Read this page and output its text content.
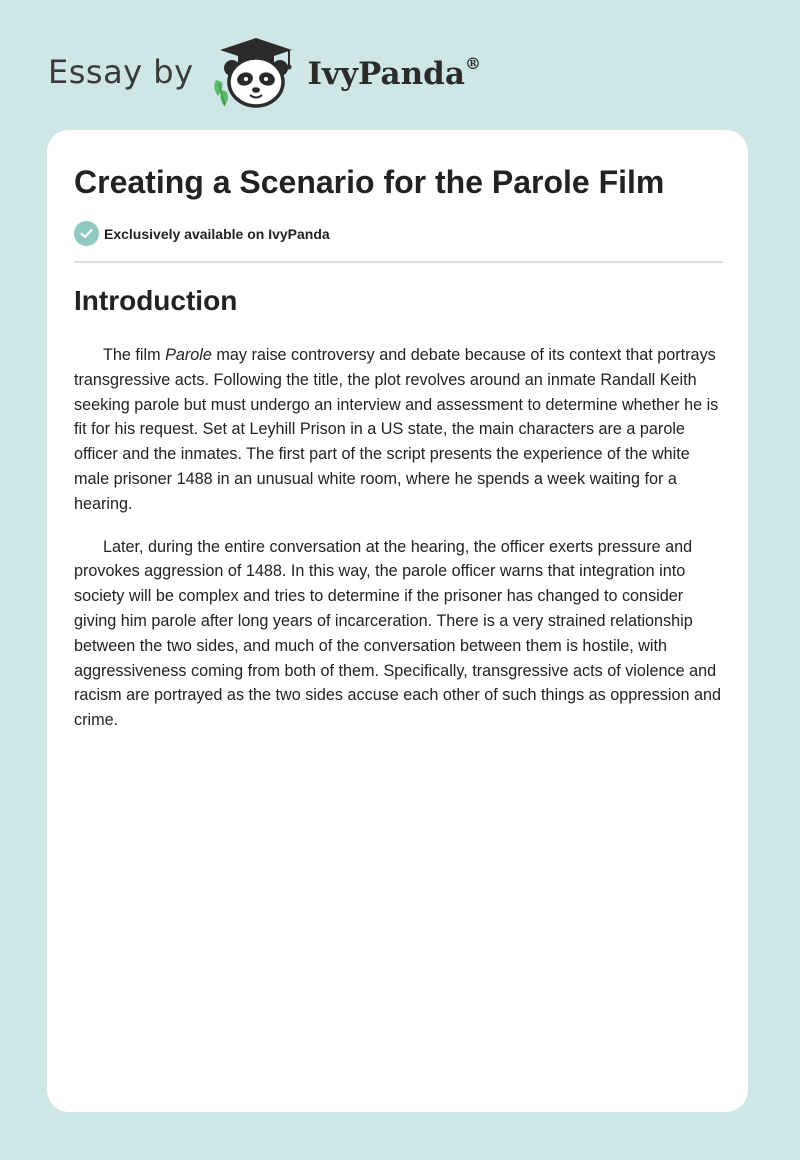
Essay by	IvyPanda®
Creating a Scenario for the Parole Film
Exclusively available on IvyPanda
Introduction

The film Parole may raise controversy and debate because of its context that portrays transgressive acts. Following the title, the plot revolves around an inmate Randall Keith seeking parole but must undergo an interview and assessment to determine whether he is fit for his request. Set at Leyhill Prison in a US state, the main characters are a parole officer and the inmates. The first part of the script presents the experience of the white male prisoner 1488 in an unusual white room, where he spends a week waiting for a hearing.

Later, during the entire conversation at the hearing, the officer exerts pressure and provokes aggression of 1488. In this way, the parole officer warns that integration into society will be complex and tries to determine if the prisoner has changed to consider giving him parole after long years of incarceration. There is a very strained relationship between the two sides, and much of the conversation between them is hostile, with aggressiveness coming from both of them. Specifically, transgressive acts of violence and racism are portrayed as the two sides accuse each other of such things as oppression and crime.
